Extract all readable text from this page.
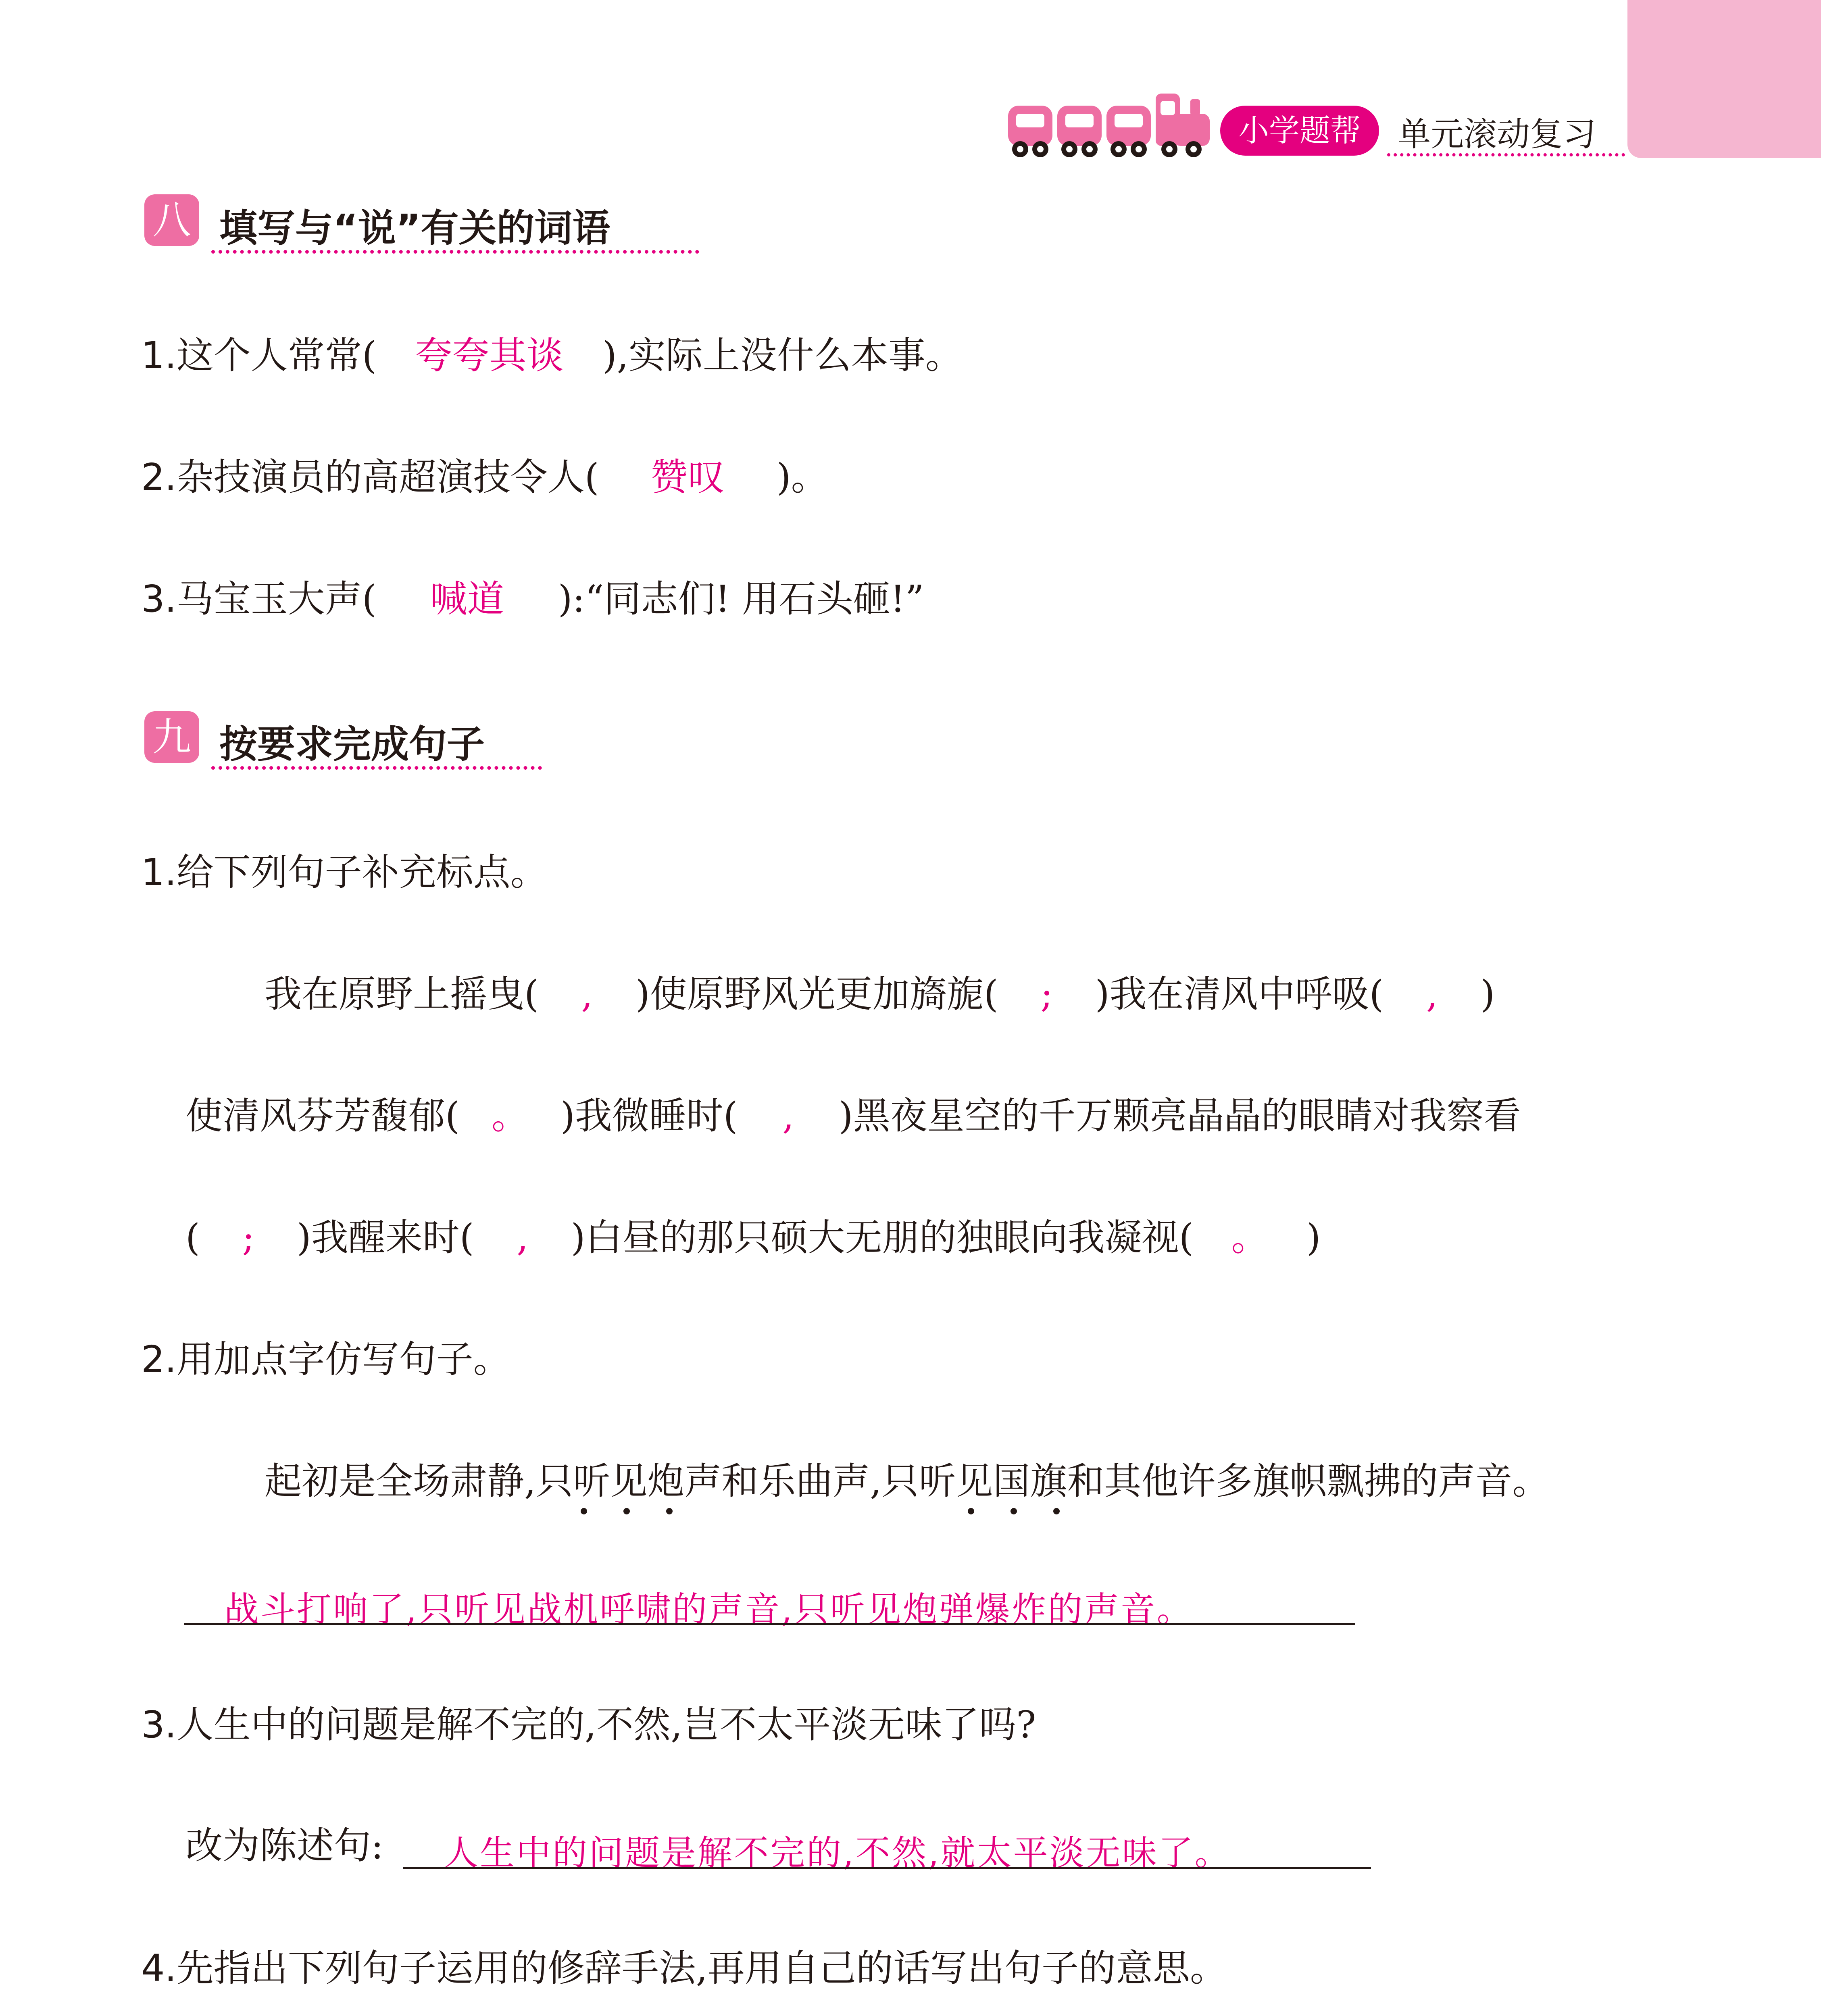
小学题帮	单元滚动复习
八 填写与“说”有关的词语
1.这个人常常( 夸夸其谈 ),实际上没什么本事。
2.杂技演员的高超演技令人( 赞叹 )。
3.马宝玉大声( 喊道 ):“同志们! 用石头砸!”
九 按要求完成句子
1.给下列句子补充标点。
我在原野上摇曳( , )使原野风光更加旖旎( ; )我在清风中呼吸( , )
使清风芬芳馥郁( 。 )我微睡时( , )黑夜星空的千万颗亮晶晶的眼睛对我察看
( ; )我醒来时( , )白昼的那只硕大无朋的独眼向我凝视( 。 )
2.用加点字仿写句子。
起初是全场肃静,只听见炮声和乐曲声,只听见国旗和其他许多旗帜飘拂的声音。
战斗打响了,只听见战机呼啸的声音,只听见炮弹爆炸的声音。
3.人生中的问题是解不完的,不然,岂不太平淡无味了吗?
改为陈述句: 人生中的问题是解不完的,不然,就太平淡无味了。
4.先指出下列句子运用的修辞手法,再用自己的话写出句子的意思。
